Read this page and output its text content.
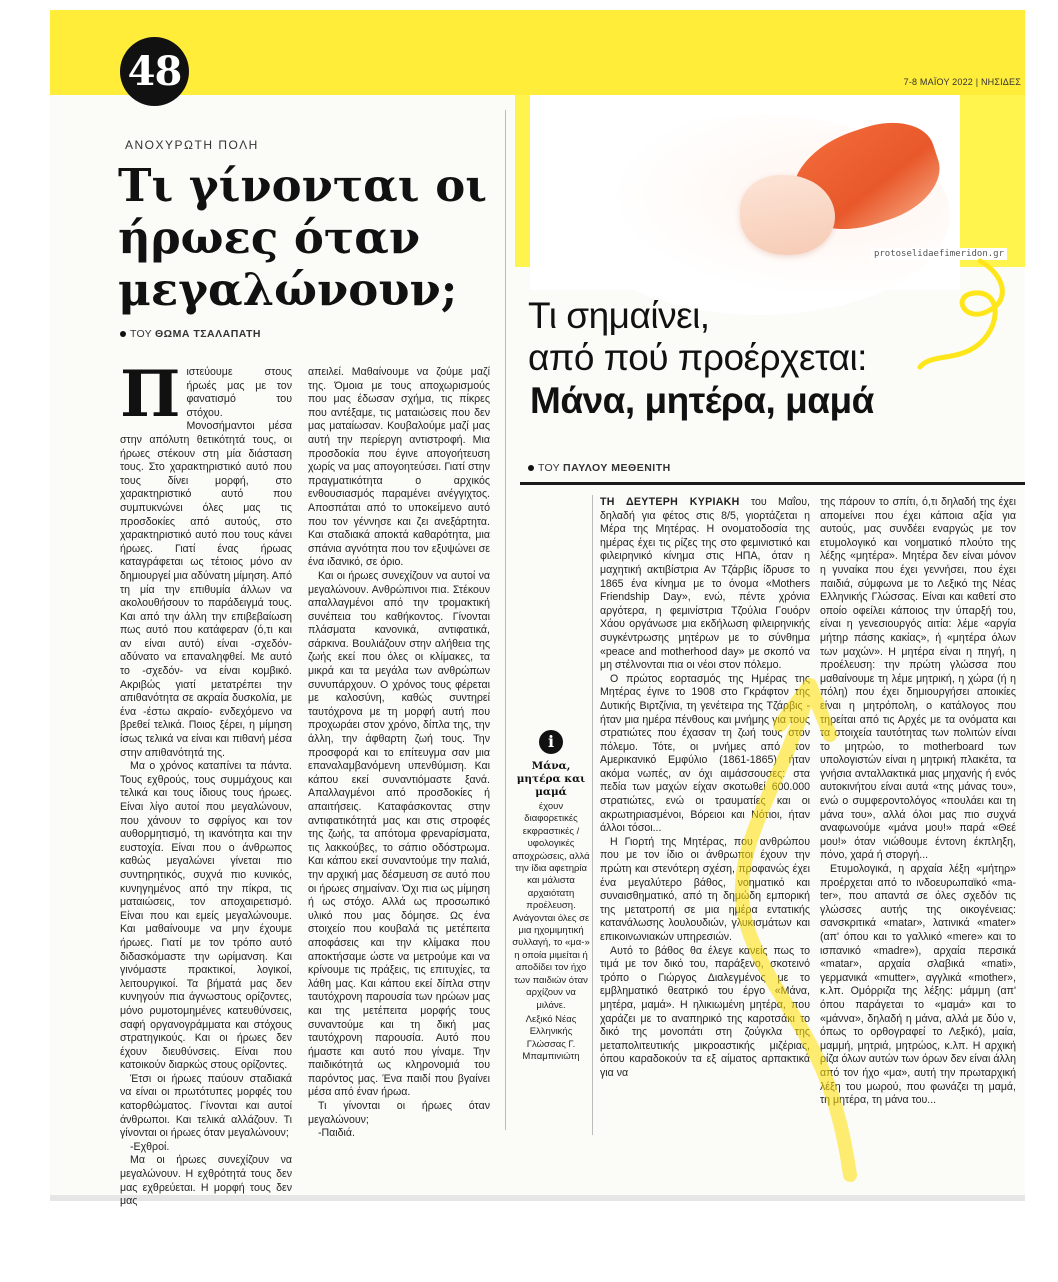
48	7-8 ΜΑΪΟΥ 2022 | ΝΗΣΙΔΕΣ
ΑΝΟΧΥΡΩΤΗ ΠΟΛΗ
Τι γίνονται οι ήρωες όταν μεγαλώνουν;
ΤΟΥ ΘΩΜΑ ΤΣΑΛΑΠΑΤΗ

Πιστεύουμε στους ήρωές μας με τον φανατισμό του στόχου. Μονοσήμαντοι μέσα στην απόλυτη θετικότητά τους, οι ήρωες στέκουν στη μία διάσταση τους. Στο χαρακτηριστικό αυτό που τους δίνει μορφή, στο χαρακτηριστικό αυτό που συμπυκνώνει όλες μας τις προσδοκίες από αυτούς, στο χαρακτηριστικό αυτό που τους κάνει ήρωες. Γιατί ένας ήρωας καταγράφεται ως τέτοιος μόνο αν δημιουργεί μια αδύνατη μίμηση. Από τη μία την επιθυμία άλλων να ακολουθήσουν το παράδειγμά τους. Και από την άλλη την επιβεβαίωση πως αυτό που κατάφεραν (ό,τι και αν είναι αυτό) είναι -σχεδόν- αδύνατο να επαναληφθεί. Με αυτό το -σχεδόν- να είναι κομβικό. Ακριβώς γιατί μετατρέπει την απιθανότητα σε ακραία δυσκολία, με ένα -έστω ακραίο- ενδεχόμενο να βρεθεί τελικά. Ποιος ξέρει, η μίμηση ίσως τελικά να είναι και πιθανή μέσα στην απιθανότητά της.

Μα ο χρόνος καταπίνει τα πάντα. Τους εχθρούς, τους συμμάχους και τελικά και τους ίδιους τους ήρωες. Είναι λίγο αυτοί που μεγαλώνουν, που χάνουν το σφρίγος και τον αυθορμητισμό, τη ικανότητα και την ευστοχία. Είναι που ο άνθρωπος καθώς μεγαλώνει γίνεται πιο συντηρητικός, συχνά πιο κυνικός, κυνηγημένος από την πίκρα, τις ματαιώσεις, τον αποχαιρετισμό. Είναι που και εμείς μεγαλώνουμε. Και μαθαίνουμε να μην έχουμε ήρωες. Γιατί με τον τρόπο αυτό διδασκόμαστε την ωρίμανση. Και γινόμαστε πρακτικοί, λογικοί, λειτουργικοί. Τα βήματά μας δεν κυνηγούν πια άγνωστους ορίζοντες, μόνο ρυμοτομημένες κατευθύνσεις, σαφή οργανογράμματα και στόχους στρατηγικούς. Και οι ήρωες δεν έχουν διευθύνσεις. Είναι που κατοικούν διαρκώς στους ορίζοντες.

Έτσι οι ήρωες παύουν σταδιακά να είναι οι πρωτότυπες μορφές του κατορθώματος. Γίνονται και αυτοί άνθρωποι. Και τελικά αλλάζουν. Τι γίνονται οι ήρωες όταν μεγαλώνουν;

-Εχθροί.

Μα οι ήρωες συνεχίζουν να μεγαλώνουν. Η εχθρότητά τους δεν μας εχθρεύεται. Η μορφή τους δεν μας

απειλεί. Μαθαίνουμε να ζούμε μαζί της. Όμοια με τους αποχωρισμούς που μας έδωσαν σχήμα, τις πίκρες που αντέξαμε, τις ματαιώσεις που δεν μας ματαίωσαν. Κουβαλούμε μαζί μας αυτή την περίεργη αντιστροφή. Μια προσδοκία που έγινε απογοήτευση χωρίς να μας απογοητεύσει. Γιατί στην πραγματικότητα ο αρχικός ενθουσιασμός παραμένει ανέγγιχτος. Αποσπάται από το υποκείμενο αυτό που τον γέννησε και ζει ανεξάρτητα. Και σταδιακά αποκτά καθαρότητα, μια σπάνια αγνότητα που τον εξυψώνει σε ένα ιδανικό, σε όριο.

Και οι ήρωες συνεχίζουν να αυτοί να μεγαλώνουν. Ανθρώπινοι πια. Στέκουν απαλλαγμένοι από την τρομακτική συνέπεια του καθήκοντος. Γίνονται πλάσματα κανονικά, αντιφατικά, σάρκινα. Βουλιάζουν στην αλήθεια της ζωής εκεί που όλες οι κλίμακες, τα μικρά και τα μεγάλα των ανθρώπων συνυπάρχουν. Ο χρόνος τους φέρεται με καλοσύνη, καθώς συντηρεί ταυτόχρονα με τη μορφή αυτή που προχωράει στον χρόνο, δίπλα της, την άλλη, την άφθαρτη ζωή τους. Την προσφορά και το επίτευγμα σαν μια επαναλαμβανόμενη υπενθύμιση. Και κάπου εκεί συναντιόμαστε ξανά. Απαλλαγμένοι από προσδοκίες ή απαιτήσεις. Καταφάσκοντας στην αντιφατικότητά μας και στις στροφές της ζωής, τα απότομα φρεναρίσματα, τις λακκούβες, το σάπιο οδόστρωμα. Και κάπου εκεί συναντούμε την παλιά, την αρχική μας δέσμευση σε αυτό που οι ήρωες σημαίναν. Όχι πια ως μίμηση ή ως στόχο. Αλλά ως προσωπικό υλικό που μας δόμησε. Ως ένα στοιχείο που κουβαλά τις μετέπειτα αποφάσεις και την κλίμακα που αποκτήσαμε ώστε να μετρούμε και να κρίνουμε τις πράξεις, τις επιτυχίες, τα λάθη μας. Και κάπου εκεί δίπλα στην ταυτόχρονη παρουσία των ηρώων μας και της μετέπειτα μορφής τους συναντούμε και τη δική μας ταυτόχρονη παρουσία. Αυτό που ήμαστε και αυτό που γίναμε. Την παιδικότητά ως κληρονομιά του παρόντος μας. Ένα παιδί που βγαίνει μέσα από έναν ήρωα.

Τι γίνονται οι ήρωες όταν μεγαλώνουν;

-Παιδιά.

protoselidaefimeridon.gr

Τι σημαίνει,

από πού προέρχεται:

Μάνα, μητέρα, μαμά

ΤΟΥ ΠΑΥΛΟΥ ΜΕΘΕΝΙΤΗ
i
Μάνα, μητέρα και μαμά
έχουν διαφορετικές εκφραστικές / υφολογικές αποχρώσεις, αλλά την ίδια αφετηρία και μάλιστα αρχαιότατη προέλευση. Ανάγονται όλες σε μια ηχομιμητική συλλαγή, το «μα-» η οποία μιμείται ή αποδίδει τον ήχο των παιδιών όταν αρχίζουν να μιλάνε.
Λεξικό Νέας Ελληνικής Γλώσσας Γ. Μπαμπινιώτη

ΤΗ ΔΕΥΤΕΡΗ ΚΥΡΙΑΚΗ του Μαΐου, δηλαδή για φέτος στις 8/5, γιορτάζεται η Μέρα της Μητέρας. Η ονοματοδοσία της ημέρας έχει τις ρίζες της στο φεμινιστικό και φιλειρηνικό κίνημα στις ΗΠΑ, όταν η μαχητική ακτιβίστρια Αν Τζάρβις ίδρυσε το 1865 ένα κίνημα με το όνομα «Mothers Friendship Day», ενώ, πέντε χρόνια αργότερα, η φεμινίστρια Τζούλια Γουόρν Χάου οργάνωσε μια εκδήλωση φιλειρηνικής συγκέντρωσης μητέρων με το σύνθημα «peace and motherhood day» με σκοπό να μη στέλνονται πια οι νέοι στον πόλεμο.

Ο πρώτος εορτασμός της Ημέρας της Μητέρας έγινε το 1908 στο Γκράφτον της Δυτικής Βιρτζίνια, τη γενέτειρα της Τζάρβις - ήταν μια ημέρα πένθους και μνήμης για τους στρατιώτες που έχασαν τη ζωή τους στον πόλεμο. Τότε, οι μνήμες από τον Αμερικανικό Εμφύλιο (1861-1865) ήταν ακόμα νωπές, αν όχι αιμάσσουσες: στα πεδία των μαχών είχαν σκοτωθεί 600.000 στρατιώτες, ενώ οι τραυματίες και οι ακρωτηριασμένοι, Βόρειοι και Νότιοι, ήταν άλλοι τόσοι...

Η Γιορτή της Μητέρας, που ανθρώπου που με τον ίδιο οι άνθρωποι έχουν την πρώτη και στενότερη σχέση, προφανώς έχει ένα μεγαλύτερο βάθος, νοηματικό και συναισθηματικό, από τη δημώδη εμπορική της μετατροπή σε μια ημέρα εντατικής κατανάλωσης λουλουδιών, γλυκισμάτων και επικοινωνιακών υπηρεσιών.

Αυτό το βάθος θα έλεγε κανείς πως το τιμά με τον δικό του, παράξενο, σκοτεινό τρόπο ο Γιώργος Διαλεγμένος με το εμβληματικό θεατρικό του έργο «Μάνα, μητέρα, μαμά». Η ηλικιωμένη μητέρα, που χαράζει με το αναπηρικό της καροτσάκι το δικό της μονοπάτι στη ζούγκλα της μεταπολιτευτικής μικροαστικής μιζέριας, όπου καραδοκούν τα εξ αίματος αρπακτικά για να

της πάρουν το σπίτι, ό,τι δηλαδή της έχει απομείνει που έχει κάποια αξία για αυτούς, μας συνδέει εναργώς με τον ετυμολογικό και νοηματικό πλούτο της λέξης «μητέρα». Μητέρα δεν είναι μόνον η γυναίκα που έχει γεννήσει, που έχει παιδιά, σύμφωνα με το Λεξικό της Νέας Ελληνικής Γλώσσας. Είναι και καθετί στο οποίο οφείλει κάποιος την ύπαρξή του, είναι η γενεσιουργός αιτία: λέμε «αργία μήτηρ πάσης κακίας», ή «μητέρα όλων των μαχών». Η μητέρα είναι η πηγή, η προέλευση: την πρώτη γλώσσα που μαθαίνουμε τη λέμε μητρική, η χώρα (ή η πόλη) που έχει δημιουργήσει αποικίες είναι η μητρόπολη, ο κατάλογος που τηρείται από τις Αρχές με τα ονόματα και τα στοιχεία ταυτότητας των πολιτών είναι το μητρώο, το motherboard των υπολογιστών είναι η μητρική πλακέτα, τα γνήσια ανταλλακτικά μιας μηχανής ή ενός αυτοκινήτου είναι αυτά «της μάνας του», ενώ ο συμφεροντολόγος «πουλάει και τη μάνα του», αλλά όλοι μας πιο συχνά αναφωνούμε «μάνα μου!» παρά «Θεέ μου!» όταν νιώθουμε έντονη έκπληξη, πόνο, χαρά ή στοργή...

Ετυμολογικά, η αρχαία λέξη «μήτηρ» προέρχεται από το ινδοευρωπαϊκό «ma-ter», που απαντά σε όλες σχεδόν τις γλώσσες αυτής της οικογένειας: σανσκριτικά «matar», λατινικά «mater» (απ' όπου και το γαλλικό «mere» και το ισπανικό «madre»), αρχαία περσικά «matar», αρχαία σλαβικά «mati», γερμανικά «mutter», αγγλικά «mother», κ.λπ. Ομόρριζα της λέξης: μάμμη (απ' όπου παράγεται το «μαμά» και το «μάννα», δηλαδή η μάνα, αλλά με δύο ν, όπως το ορθογραφεί το Λεξικό), μαία, μαμμή, μητριά, μητρώος, κ.λπ. Η αρχική ρίζα όλων αυτών των όρων δεν είναι άλλη από τον ήχο «μα», αυτή την πρωταρχική λέξη του μωρού, που φωνάζει τη μαμά, τη μητέρα, τη μάνα του...
